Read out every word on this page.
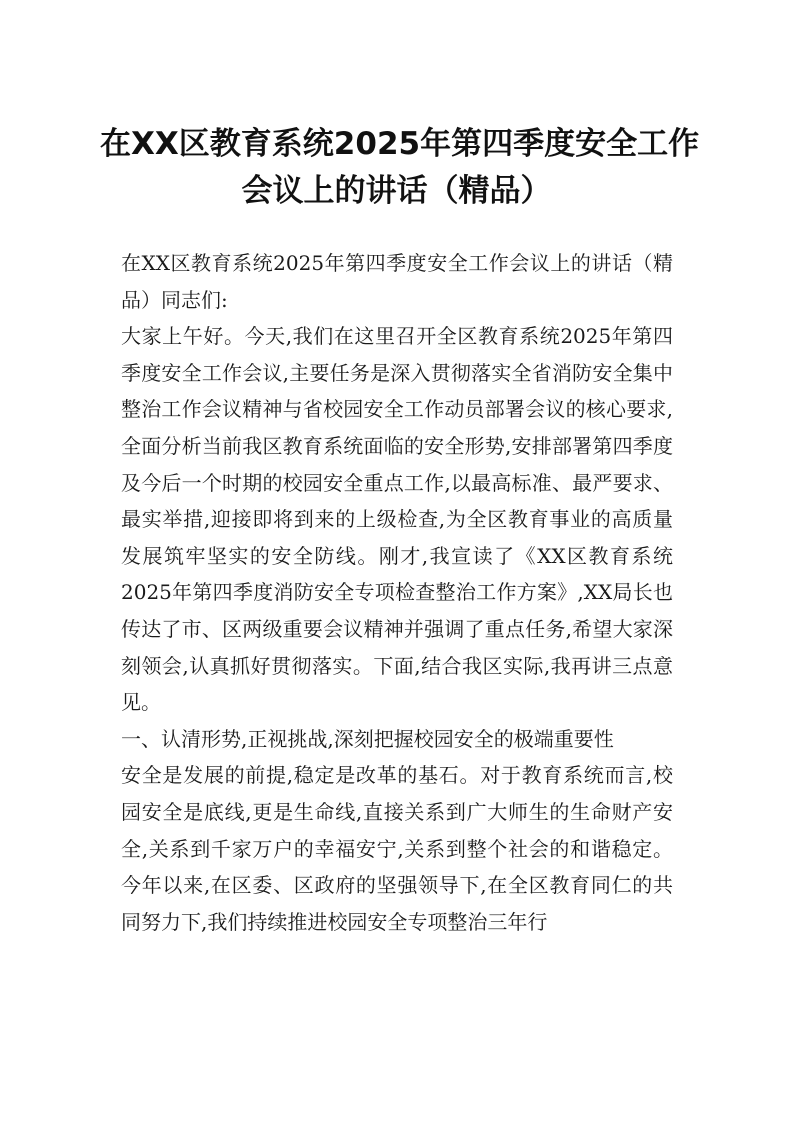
在XX区教育系统2025年第四季度安全工作
会议上的讲话（精品）

在XX区教育系统2025年第四季度安全工作会议上的讲话（精品）同志们:

大家上午好。今天,我们在这里召开全区教育系统2025年第四季度安全工作会议,主要任务是深入贯彻落实全省消防安全集中整治工作会议精神与省校园安全工作动员部署会议的核心要求,全面分析当前我区教育系统面临的安全形势,安排部署第四季度及今后一个时期的校园安全重点工作,以最高标准、最严要求、最实举措,迎接即将到来的上级检查,为全区教育事业的高质量发展筑牢坚实的安全防线。刚才,我宣读了《XX区教育系统2025年第四季度消防安全专项检查整治工作方案》,XX局长也传达了市、区两级重要会议精神并强调了重点任务,希望大家深刻领会,认真抓好贯彻落实。下面,结合我区实际,我再讲三点意见。

一、认清形势,正视挑战,深刻把握校园安全的极端重要性

安全是发展的前提,稳定是改革的基石。对于教育系统而言,校园安全是底线,更是生命线,直接关系到广大师生的生命财产安全,关系到千家万户的幸福安宁,关系到整个社会的和谐稳定。今年以来,在区委、区政府的坚强领导下,在全区教育同仁的共同努力下,我们持续推进校园安全专项整治三年行
